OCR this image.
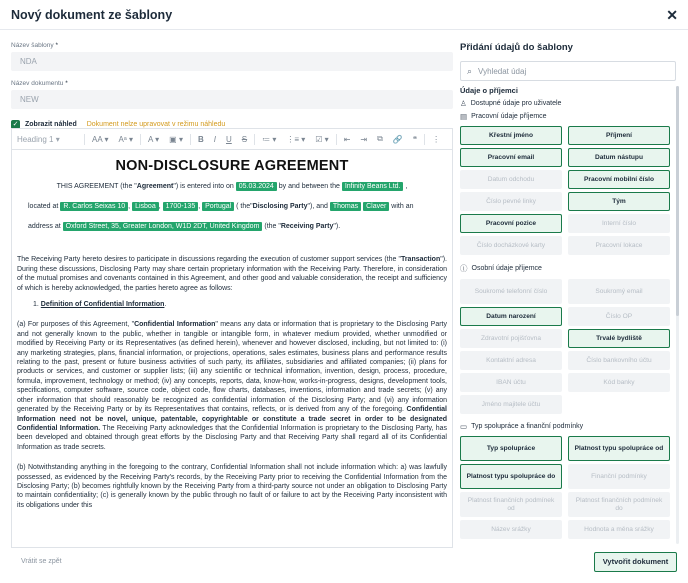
Nový dokument ze šablony	✕
Název šablony *
NDA
Název dokumentu *
NEW
✓ Zobrazit náhled Dokument nelze upravovat v režimu náhledu
Heading 1 ▾	AA ▾	Aᵃ ▾	A ▾	▣ ▾	B	I	U	S	≔ ▾	⋮≡ ▾	☑ ▾	⇤	⇥	⧉	🔗	❝	⋮
NON-DISCLOSURE AGREEMENT
THIS AGREEMENT (the "Agreement") is entered into on 05.03.2024 by and between the Infinity Beans Ltd. ,
located at R. Carlos Seixas 10 , Lisboa , 1700-135 , Portugal ( the"Disclosing Party"), and Thomas Claver with an
address at Oxford Street, 35, Greater London, W1D 2DT, United Kingdom (the "Receiving Party").
The Receiving Party hereto desires to participate in discussions regarding the execution of customer support services (the "Transaction"). During these discussions, Disclosing Party may share certain proprietary information with the Receiving Party. Therefore, in consideration of the mutual promises and covenants contained in this Agreement, and other good and valuable consideration, the receipt and sufficiency of which is hereby acknowledged, the parties hereto agree as follows:
1. Definition of Confidential Information.
(a) For purposes of this Agreement, "Confidential Information" means any data or information that is proprietary to the Disclosing Party and not generally known to the public, whether in tangible or intangible form, in whatever medium provided, whether unmodified or modified by Receiving Party or its Representatives (as defined herein), whenever and however disclosed, including, but not limited to: (i) any marketing strategies, plans, financial information, or projections, operations, sales estimates, business plans and performance results relating to the past, present or future business activities of such party, its affiliates, subsidiaries and affiliated companies; (ii) plans for products or services, and customer or supplier lists; (iii) any scientific or technical information, invention, design, process, procedure, formula, improvement, technology or method; (iv) any concepts, reports, data, know-how, works-in-progress, designs, development tools, specifications, computer software, source code, object code, flow charts, databases, inventions, information and trade secrets; (v) any other information that should reasonably be recognized as confidential information of the Disclosing Party; and (vi) any information generated by the Receiving Party or by its Representatives that contains, reflects, or is derived from any of the foregoing. Confidential Information need not be novel, unique, patentable, copyrightable or constitute a trade secret in order to be designated Confidential Information. The Receiving Party acknowledges that the Confidential Information is proprietary to the Disclosing Party, has been developed and obtained through great efforts by the Disclosing Party and that Receiving Party shall regard all of its Confidential Information as trade secrets.
(b) Notwithstanding anything in the foregoing to the contrary, Confidential Information shall not include information which: a) was lawfully possessed, as evidenced by the Receiving Party's records, by the Receiving Party prior to receiving the Confidential Information from the Disclosing Party; (b) becomes rightfully known by the Receiving Party from a third-party source not under an obligation to Disclosing Party to maintain confidentiality; (c) is generally known by the public through no fault of or failure to act by the Receiving Party inconsistent with its obligations under this
Přidání údajů do šablony
⌕ Vyhledat údaj
Údaje o příjemci
♙ Dostupné údaje pro uživatele
▤ Pracovní údaje příjemce
Křestní jméno	Příjmení
Pracovní email	Datum nástupu
Datum odchodu	Pracovní mobilní číslo
Číslo pevné linky	Tým
Pracovní pozice	Interní číslo
Číslo docházkové karty	Pracovní lokace
ⓘ Osobní údaje příjemce
Soukromé telefonní číslo	Soukromý email
Datum narození	Číslo OP
Zdravotní pojišťovna	Trvalé bydliště
Kontaktní adresa	Číslo bankovního účtu
IBAN účtu	Kód banky
Jméno majitele účtu
▭ Typ spolupráce a finanční podmínky
Typ spolupráce	Platnost typu spolupráce od
Platnost typu spolupráce do	Finanční podmínky
Platnost finančních podmínek od
Platnost finančních podmínek do
Název srážky	Hodnota a měna srážky
Vrátit se zpět	Vytvořit dokument
